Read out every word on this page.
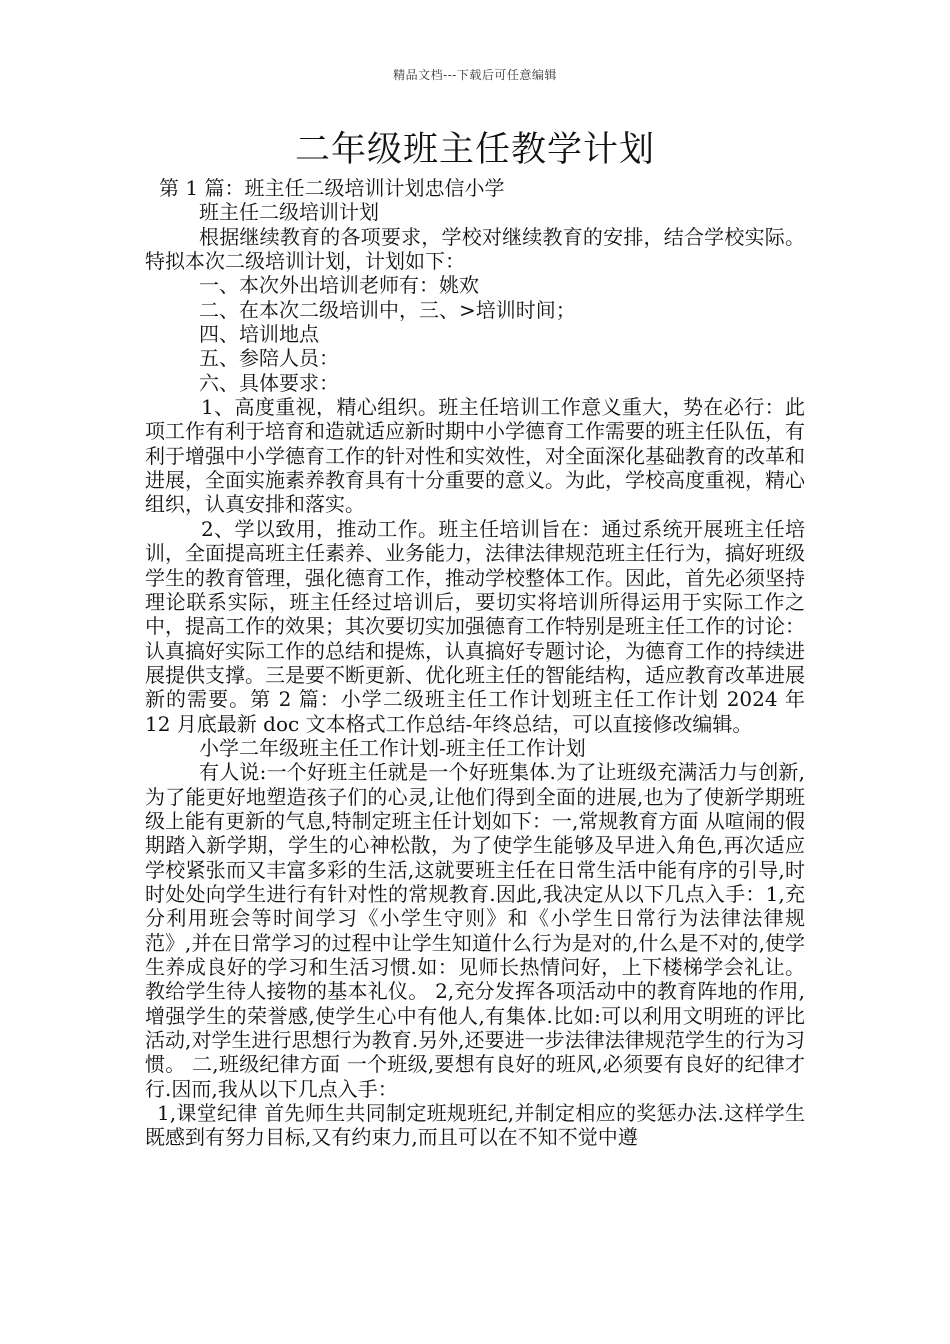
精品文档---下载后可任意编辑
二年级班主任教学计划

第 1 篇：班主任二级培训计划忠信小学

班主任二级培训计划

根据继续教育的各项要求，学校对继续教育的安排，结合学校实际。特拟本次二级培训计划，计划如下：

一、本次外出培训老师有：姚欢

二、在本次二级培训中，三、>培训时间；

四、培训地点

五、参陪人员：

六、具体要求：

1、高度重视，精心组织。班主任培训工作意义重大，势在必行：此项工作有利于培育和造就适应新时期中小学德育工作需要的班主任队伍，有利于增强中小学德育工作的针对性和实效性，对全面深化基础教育的改革和进展，全面实施素养教育具有十分重要的意义。为此，学校高度重视，精心组织，认真安排和落实。

2、学以致用，推动工作。班主任培训旨在：通过系统开展班主任培训，全面提高班主任素养、业务能力，法律法律规范班主任行为，搞好班级学生的教育管理，强化德育工作，推动学校整体工作。因此，首先必须坚持理论联系实际，班主任经过培训后，要切实将培训所得运用于实际工作之中，提高工作的效果；其次要切实加强德育工作特别是班主任工作的讨论：认真搞好实际工作的总结和提炼，认真搞好专题讨论，为德育工作的持续进展提供支撑。三是要不断更新、优化班主任的智能结构，适应教育改革进展新的需要。第 2 篇：小学二级班主任工作计划班主任工作计划 2024 年 12 月底最新 doc 文本格式工作总结-年终总结，可以直接修改编辑。

小学二年级班主任工作计划-班主任工作计划

有人说:一个好班主任就是一个好班集体.为了让班级充满活力与创新,为了能更好地塑造孩子们的心灵,让他们得到全面的进展,也为了使新学期班级上能有更新的气息,特制定班主任计划如下：一,常规教育方面 从喧闹的假期踏入新学期，学生的心神松散，为了使学生能够及早进入角色,再次适应学校紧张而又丰富多彩的生活,这就要班主任在日常生活中能有序的引导,时时处处向学生进行有针对性的常规教育.因此,我决定从以下几点入手：1,充分利用班会等时间学习《小学生守则》和《小学生日常行为法律法律规范》,并在日常学习的过程中让学生知道什么行为是对的,什么是不对的,使学生养成良好的学习和生活习惯.如：见师长热情问好，上下楼梯学会礼让。教给学生待人接物的基本礼仪。 2,充分发挥各项活动中的教育阵地的作用,增强学生的荣誉感,使学生心中有他人,有集体.比如:可以利用文明班的评比活动,对学生进行思想行为教育.另外,还要进一步法律法律规范学生的行为习惯。 二,班级纪律方面 一个班级,要想有良好的班风,必须要有良好的纪律才行.因而,我从以下几点入手：

1,课堂纪律 首先师生共同制定班规班纪,并制定相应的奖惩办法.这样学生既感到有努力目标,又有约束力,而且可以在不知不觉中遵
